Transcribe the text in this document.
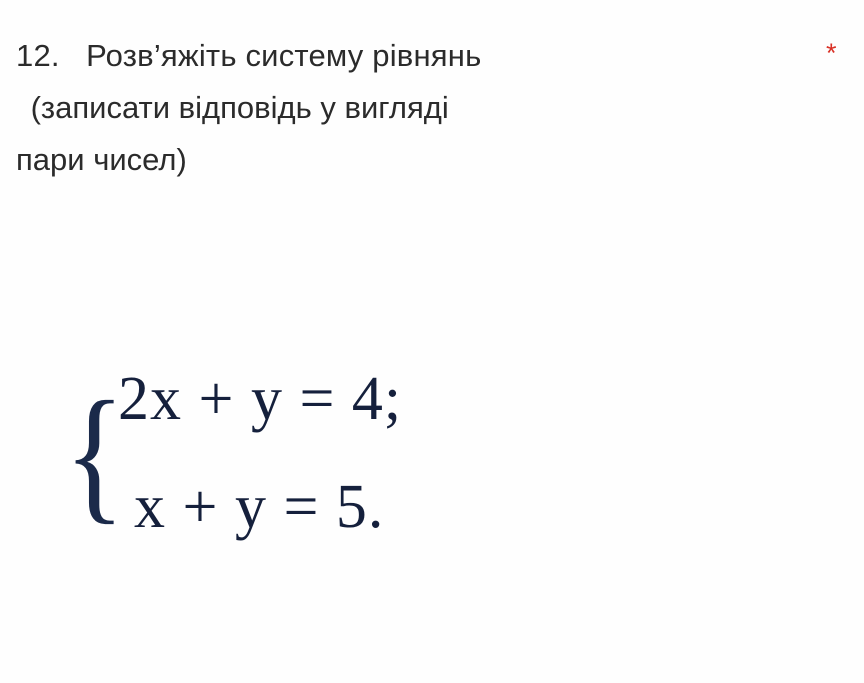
12.   Розв’яжіть систему рівнянь
(записати відповідь у вигляді
пари чисел)
*
{
2x + y = 4;
x + y = 5.
